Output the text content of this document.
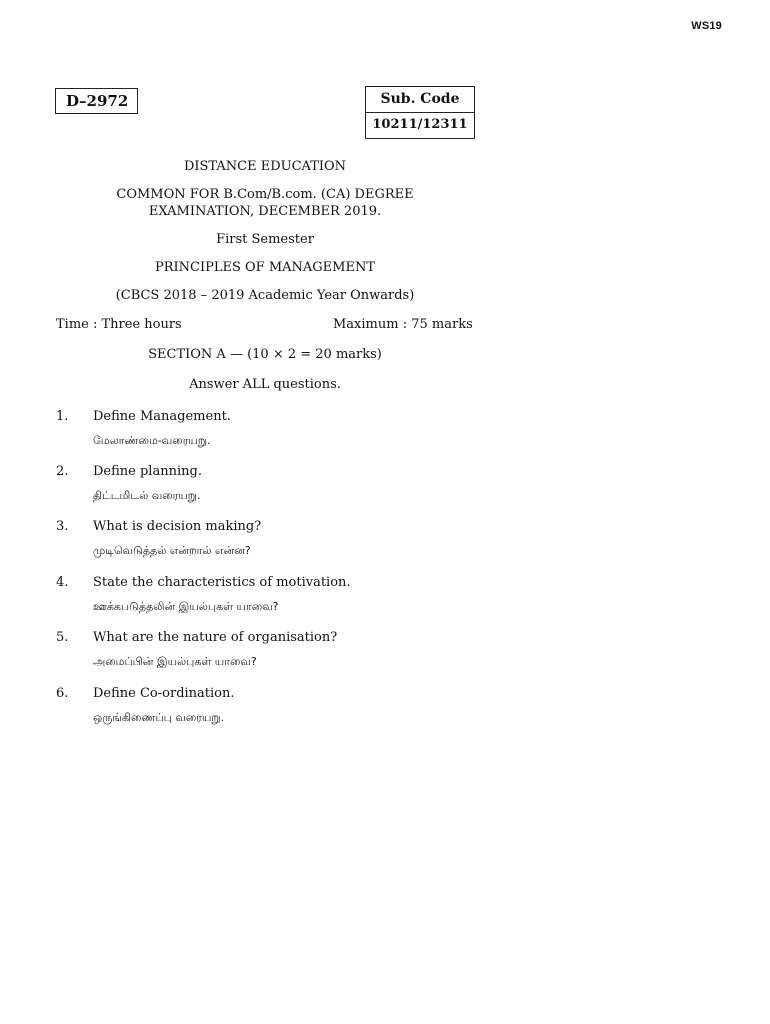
WS19
D–2972	Sub. Code
10211/12311
DISTANCE EDUCATION
COMMON FOR B.Com/B.com. (CA) DEGREE
EXAMINATION, DECEMBER 2019.
First Semester
PRINCIPLES OF MANAGEMENT
(CBCS 2018 – 2019 Academic Year Onwards)
Time : Three hours	Maximum : 75 marks
SECTION A — (10 × 2 = 20 marks)
Answer ALL questions.
1. Define Management.
மேலாண்மை-வரையறு.
2. Define planning.
திட்டமிடல் வரையறு.
3. What is decision making?
முடிவெடுத்தல் என்றால் என்ன?
4. State the characteristics of motivation.
ஊக்கபடுத்தலின் இயல்புகள் யாவை?
5. What are the nature of organisation?
அமைப்பின் இயல்புகள் யாவை?
6. Define Co-ordination.
ஒருங்கிணைப்பு வரையறு.
